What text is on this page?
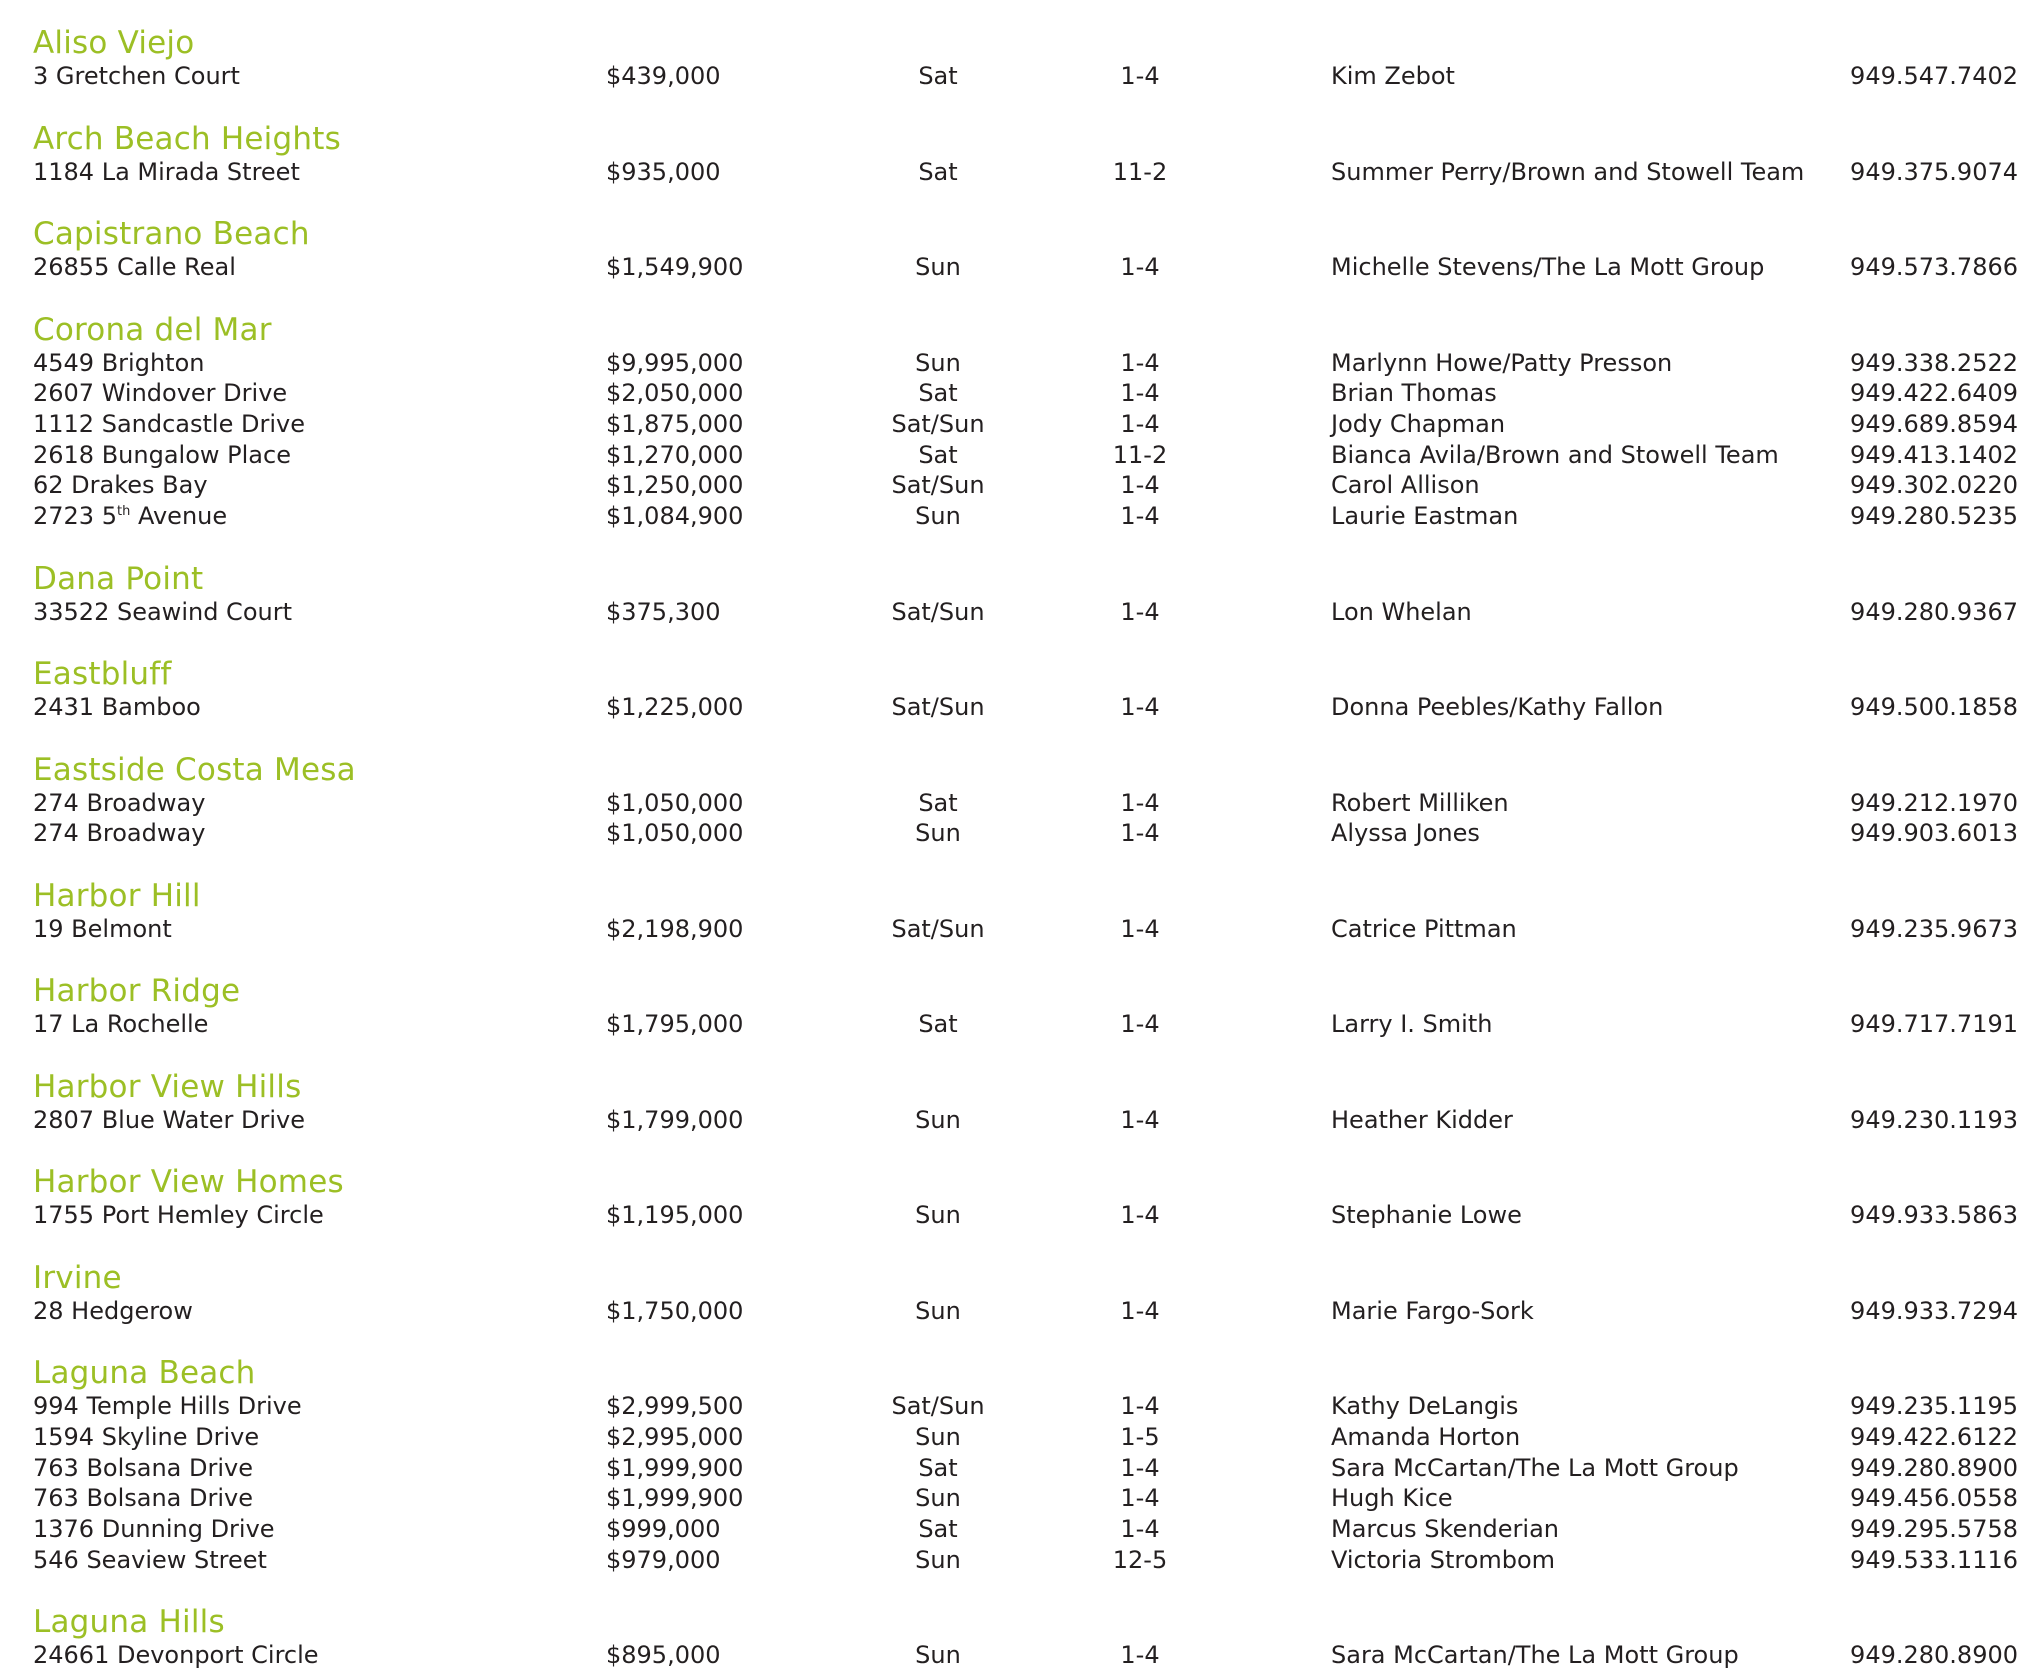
Aliso Viejo
3 Gretchen Court	$439,000	Sat	1-4	Kim Zebot	949.547.7402
Arch Beach Heights
1184 La Mirada Street	$935,000	Sat	11-2	Summer Perry/Brown and Stowell Team	949.375.9074
Capistrano Beach
26855 Calle Real	$1,549,900	Sun	1-4	Michelle Stevens/The La Mott Group	949.573.7866
Corona del Mar
4549 Brighton	$9,995,000	Sun	1-4	Marlynn Howe/Patty Presson	949.338.2522
2607 Windover Drive	$2,050,000	Sat	1-4	Brian Thomas	949.422.6409
1112 Sandcastle Drive	$1,875,000	Sat/Sun	1-4	Jody Chapman	949.689.8594
2618 Bungalow Place	$1,270,000	Sat	11-2	Bianca Avila/Brown and Stowell Team	949.413.1402
62 Drakes Bay	$1,250,000	Sat/Sun	1-4	Carol Allison	949.302.0220
2723 5th Avenue	$1,084,900	Sun	1-4	Laurie Eastman	949.280.5235
Dana Point
33522 Seawind Court	$375,300	Sat/Sun	1-4	Lon Whelan	949.280.9367
Eastbluff
2431 Bamboo	$1,225,000	Sat/Sun	1-4	Donna Peebles/Kathy Fallon	949.500.1858
Eastside Costa Mesa
274 Broadway	$1,050,000	Sat	1-4	Robert Milliken	949.212.1970
274 Broadway	$1,050,000	Sun	1-4	Alyssa Jones	949.903.6013
Harbor Hill
19 Belmont	$2,198,900	Sat/Sun	1-4	Catrice Pittman	949.235.9673
Harbor Ridge
17 La Rochelle	$1,795,000	Sat	1-4	Larry I. Smith	949.717.7191
Harbor View Hills
2807 Blue Water Drive	$1,799,000	Sun	1-4	Heather Kidder	949.230.1193
Harbor View Homes
1755 Port Hemley Circle	$1,195,000	Sun	1-4	Stephanie Lowe	949.933.5863
Irvine
28 Hedgerow	$1,750,000	Sun	1-4	Marie Fargo-Sork	949.933.7294
Laguna Beach
994 Temple Hills Drive	$2,999,500	Sat/Sun	1-4	Kathy DeLangis	949.235.1195
1594 Skyline Drive	$2,995,000	Sun	1-5	Amanda Horton	949.422.6122
763 Bolsana Drive	$1,999,900	Sat	1-4	Sara McCartan/The La Mott Group	949.280.8900
763 Bolsana Drive	$1,999,900	Sun	1-4	Hugh Kice	949.456.0558
1376 Dunning Drive	$999,000	Sat	1-4	Marcus Skenderian	949.295.5758
546 Seaview Street	$979,000	Sun	12-5	Victoria Strombom	949.533.1116
Laguna Hills
24661 Devonport Circle	$895,000	Sun	1-4	Sara McCartan/The La Mott Group	949.280.8900
